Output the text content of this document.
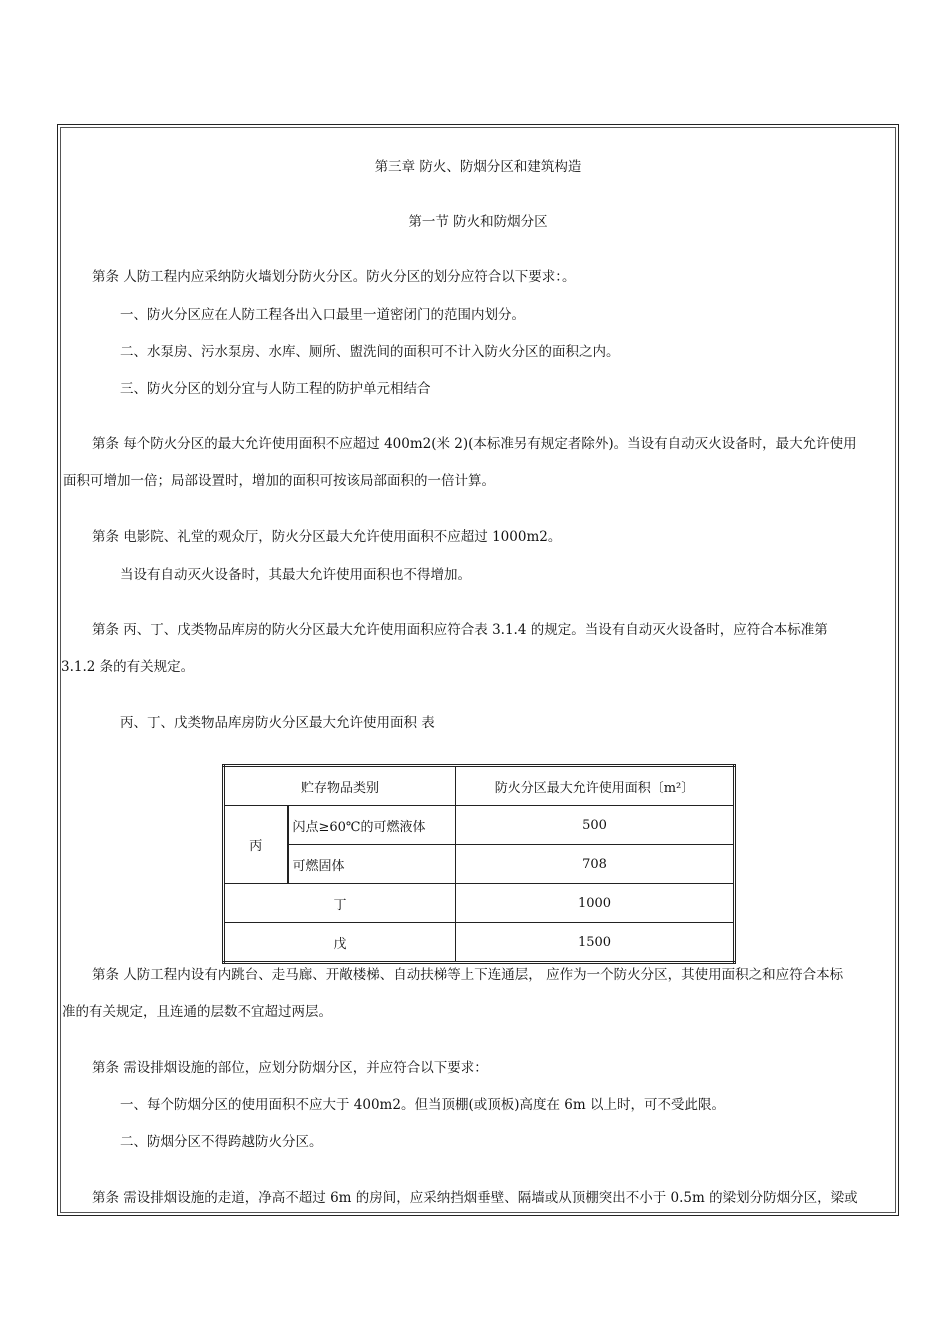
第三章 防火、防烟分区和建筑构造
第一节 防火和防烟分区
第条 人防工程内应采纳防火墙划分防火分区。防火分区的划分应符合以下要求：。
一、防火分区应在人防工程各出入口最里一道密闭门的范围内划分。
二、水泵房、污水泵房、水库、厕所、盥洗间的面积可不计入防火分区的面积之内。
三、防火分区的划分宜与人防工程的防护单元相结合
第条 每个防火分区的最大允许使用面积不应超过 400m2(米 2)(本标准另有规定者除外)。当设有自动灭火设备时，最大允许使用
面积可增加一倍；局部设置时，增加的面积可按该局部面积的一倍计算。
第条 电影院、礼堂的观众厅，防火分区最大允许使用面积不应超过 1000m2。
当设有自动灭火设备时，其最大允许使用面积也不得增加。
第条 丙、丁、戊类物品库房的防火分区最大允许使用面积应符合表 3.1.4 的规定。当设有自动灭火设备时，应符合本标准第
3.1.2 条的有关规定。
丙、丁、戊类物品库房防火分区最大允许使用面积 表
贮存物品类别		防火分区最大允许使用面积〔m²〕
丙	闪点≥60℃的可燃液体	500
	可燃固体	708
丁		1000
戊		1500
第条 人防工程内设有内跳台、走马廊、开敞楼梯、自动扶梯等上下连通层， 应作为一个防火分区，其使用面积之和应符合本标
准的有关规定，且连通的层数不宜超过两层。
第条 需设排烟设施的部位，应划分防烟分区，并应符合以下要求：
一、每个防烟分区的使用面积不应大于 400m2。但当顶棚(或顶板)高度在 6m 以上时，可不受此限。
二、防烟分区不得跨越防火分区。
第条 需设排烟设施的走道，净高不超过 6m 的房间，应采纳挡烟垂壁、隔墙或从顶棚突出不小于 0.5m 的梁划分防烟分区，梁或
